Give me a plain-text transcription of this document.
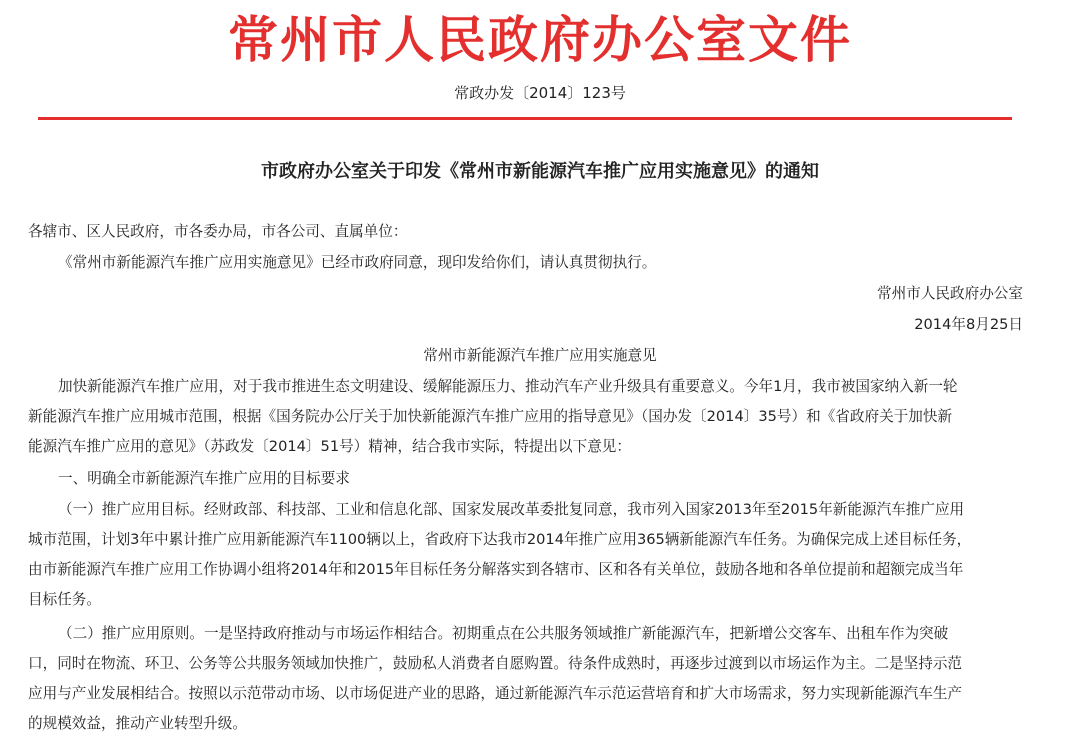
常州市人民政府办公室文件
常政办发〔2014〕123号
市政府办公室关于印发《常州市新能源汽车推广应用实施意见》的通知

各辖市、区人民政府，市各委办局，市各公司、直属单位：

《常州市新能源汽车推广应用实施意见》已经市政府同意，现印发给你们，请认真贯彻执行。

常州市人民政府办公室

2014年8月25日

常州市新能源汽车推广应用实施意见

加快新能源汽车推广应用，对于我市推进生态文明建设、缓解能源压力、推动汽车产业升级具有重要意义。今年1月，我市被国家纳入新一轮
新能源汽车推广应用城市范围，根据《国务院办公厅关于加快新能源汽车推广应用的指导意见》（国办发〔2014〕35号）和《省政府关于加快新
能源汽车推广应用的意见》（苏政发〔2014〕51号）精神，结合我市实际，特提出以下意见：

一、明确全市新能源汽车推广应用的目标要求

（一）推广应用目标。经财政部、科技部、工业和信息化部、国家发展改革委批复同意，我市列入国家2013年至2015年新能源汽车推广应用
城市范围，计划3年中累计推广应用新能源汽车1100辆以上，省政府下达我市2014年推广应用365辆新能源汽车任务。为确保完成上述目标任务，
由市新能源汽车推广应用工作协调小组将2014年和2015年目标任务分解落实到各辖市、区和各有关单位，鼓励各地和各单位提前和超额完成当年
目标任务。
（二）推广应用原则。一是坚持政府推动与市场运作相结合。初期重点在公共服务领域推广新能源汽车，把新增公交客车、出租车作为突破
口，同时在物流、环卫、公务等公共服务领域加快推广，鼓励私人消费者自愿购置。待条件成熟时，再逐步过渡到以市场运作为主。二是坚持示范
应用与产业发展相结合。按照以示范带动市场、以市场促进产业的思路，通过新能源汽车示范运营培育和扩大市场需求，努力实现新能源汽车生产
的规模效益，推动产业转型升级。
